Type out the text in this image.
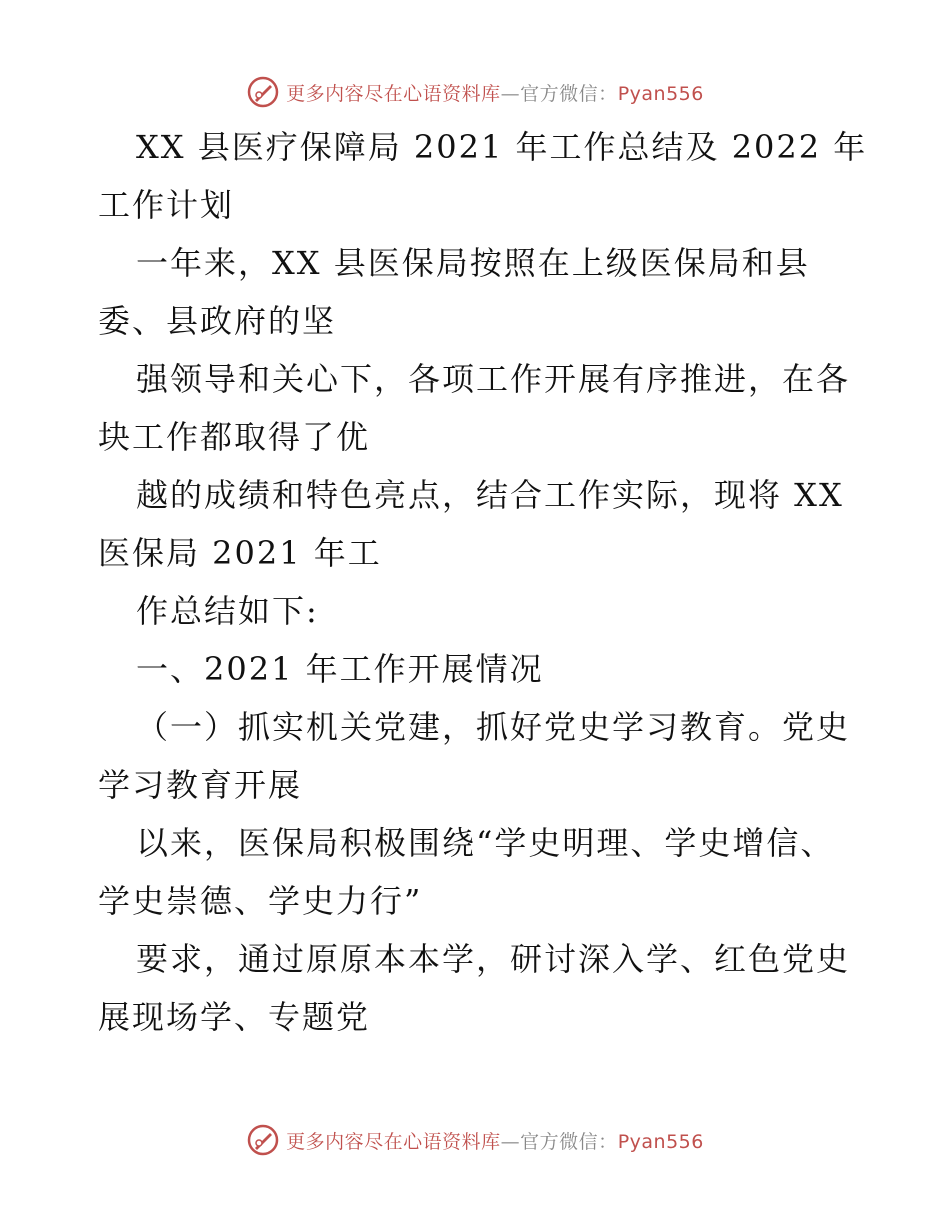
更多内容尽在心语资料库—官方微信：Pyan556
XX 县医疗保障局 2021 年工作总结及 2022 年
工作计划
一年来，XX 县医保局按照在上级医保局和县
委、县政府的坚
强领导和关心下，各项工作开展有序推进，在各
块工作都取得了优
越的成绩和特色亮点，结合工作实际，现将 XX
医保局 2021 年工
作总结如下:
一、2021 年工作开展情况
（一）抓实机关党建，抓好党史学习教育。党史
学习教育开展
以来，医保局积极围绕“学史明理、学史增信、
学史崇德、学史力行”
要求，通过原原本本学，研讨深入学、红色党史
展现场学、专题党
更多内容尽在心语资料库—官方微信：Pyan556
